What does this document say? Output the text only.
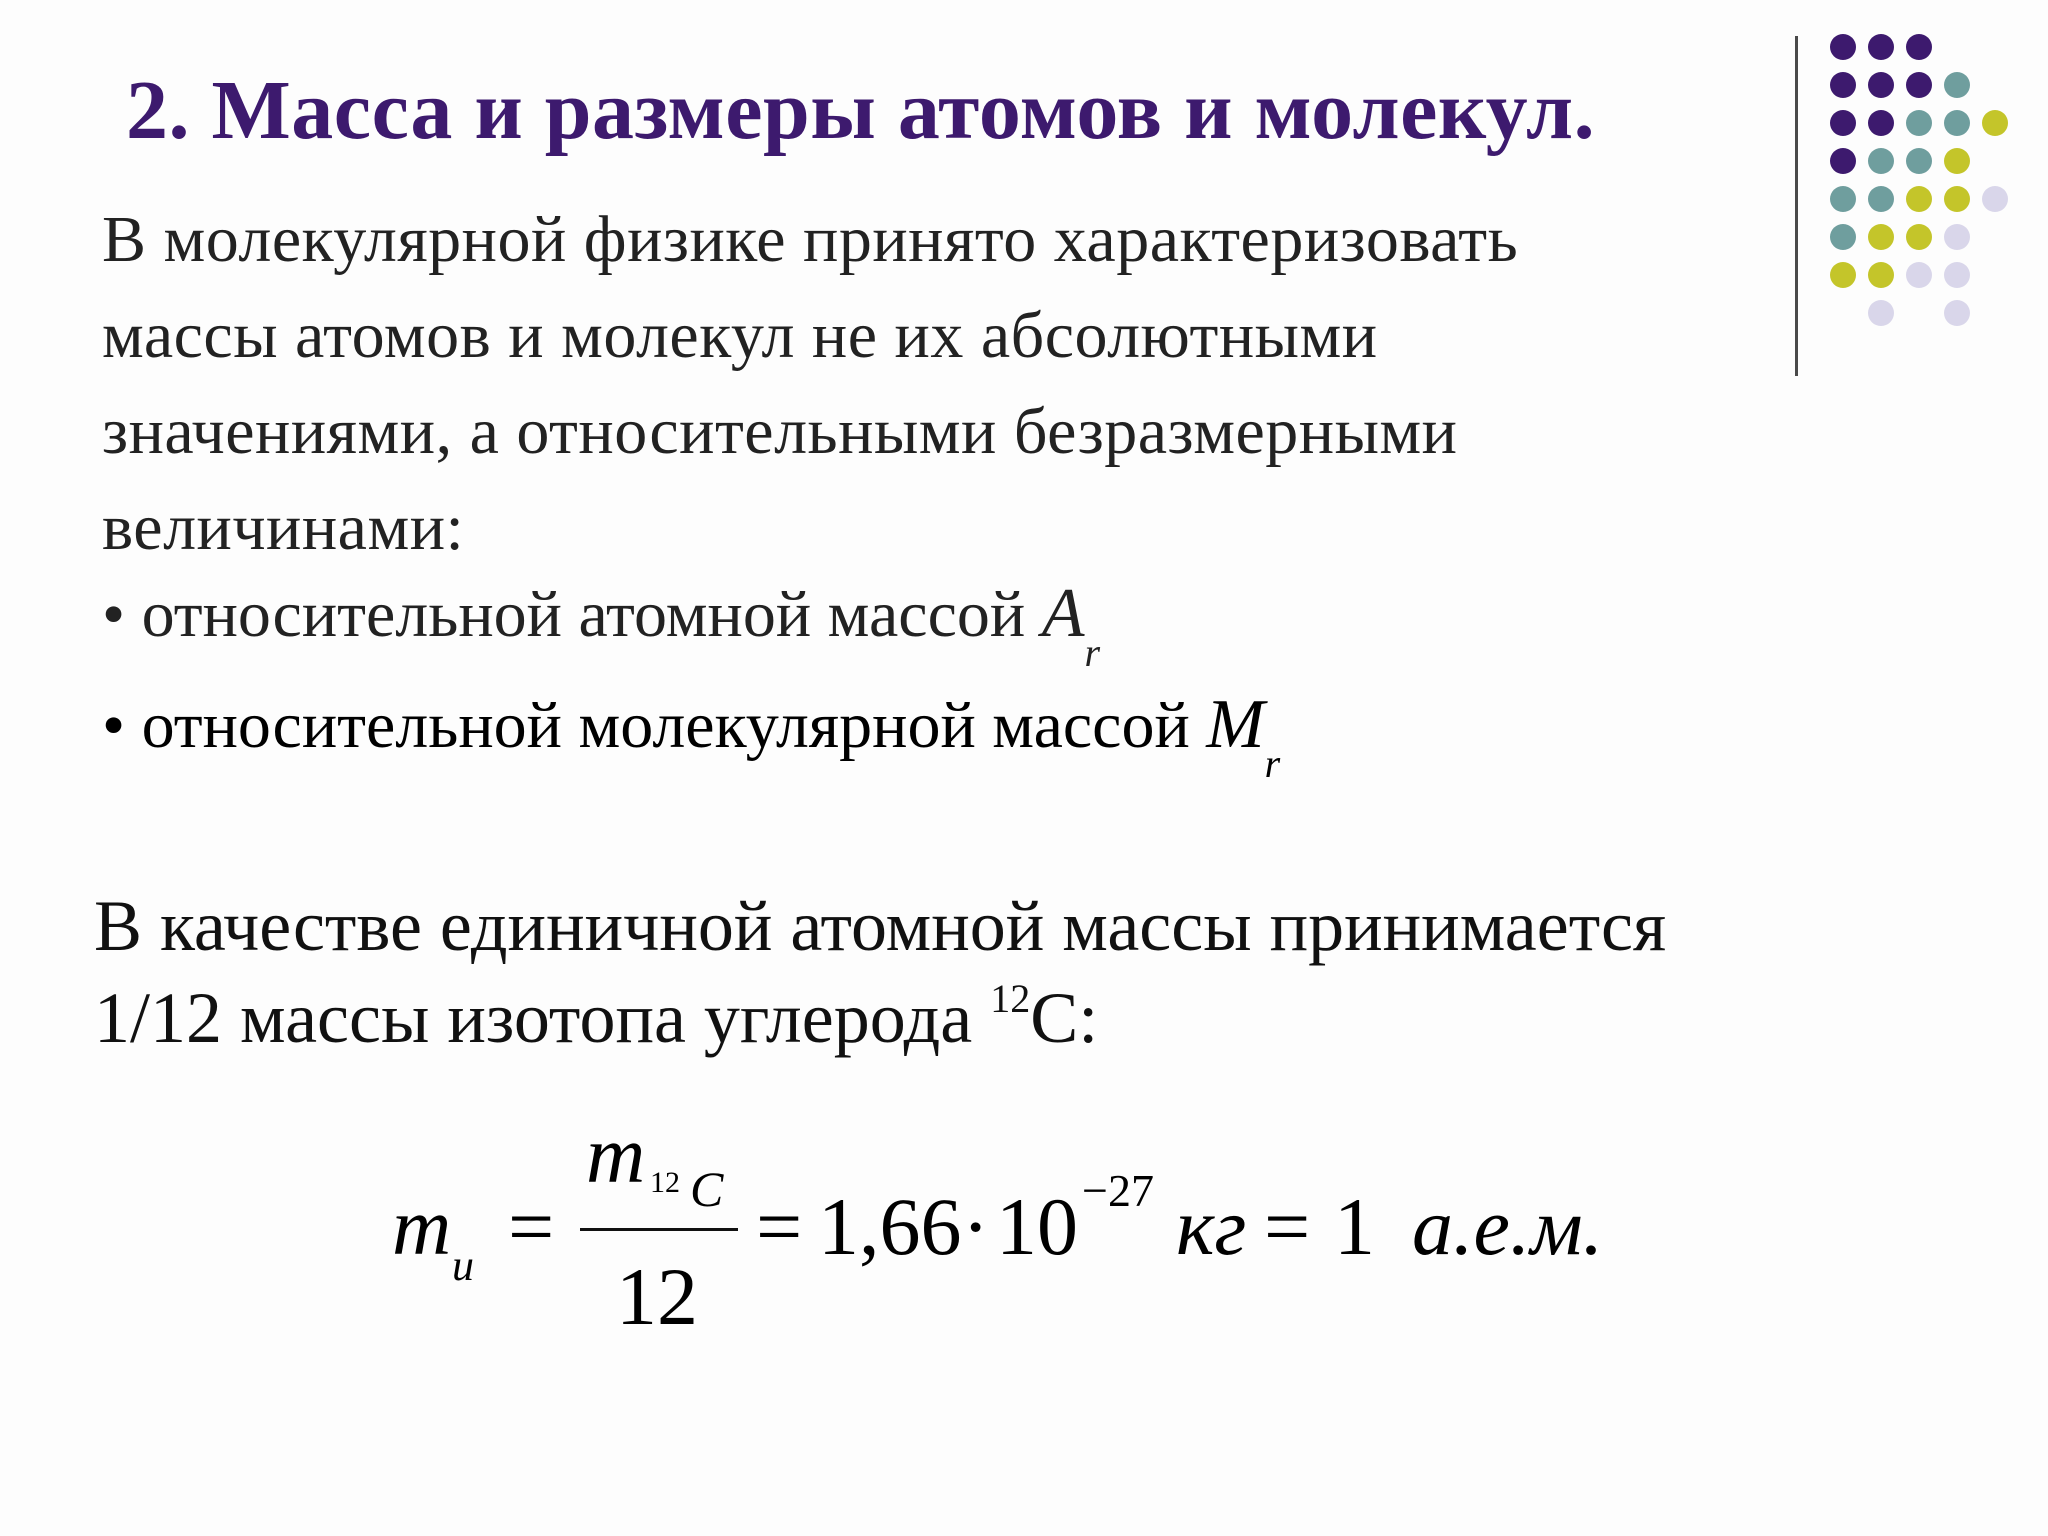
2. Масса и размеры атомов и молекул.
В молекулярной физике принято характеризовать
массы атомов и молекул не их абсолютными
значениями, а относительными безразмерными
величинами:
• относительной атомной массой $A_r$
• относительной молекулярной массой $M_r$
В качестве единичной атомной массы принимается
1/12 массы изотопа углерода $^{12}$C:
m u =
m 12 C
12
= 1,66 · 10 −27 кг = 1 а.е.м.
